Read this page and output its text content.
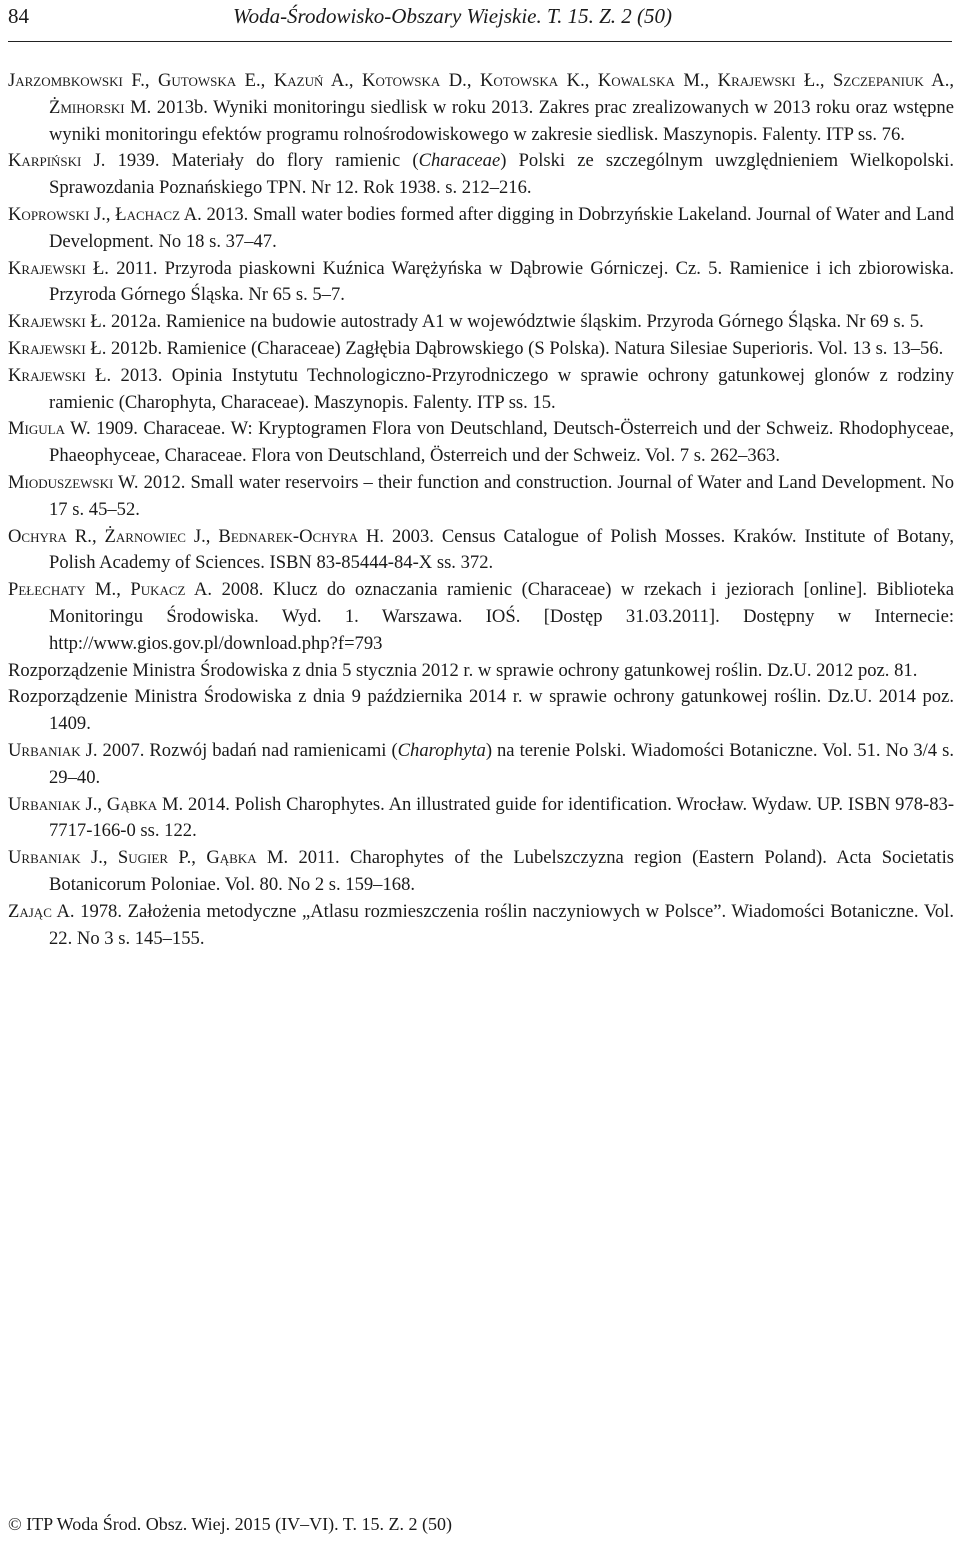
84	Woda-Środowisko-Obszary Wiejskie. T. 15. Z. 2 (50)

Jarzombkowski F., Gutowska E., Kazuń A., Kotowska D., Kotowska K., Kowalska M., Krajewski Ł., Szczepaniuk A., Żmihorski M. 2013b. Wyniki monitoringu siedlisk w roku 2013. Zakres prac zrealizowanych w 2013 roku oraz wstępne wyniki monitoringu efektów programu rolnośrodowiskowego w zakresie siedlisk. Maszynopis. Falenty. ITP ss. 76.

Karpiński J. 1939. Materiały do flory ramienic (Characeae) Polski ze szczególnym uwzględnieniem Wielkopolski. Sprawozdania Poznańskiego TPN. Nr 12. Rok 1938. s. 212–216.

Koprowski J., Łachacz A. 2013. Small water bodies formed after digging in Dobrzyńskie Lakeland. Journal of Water and Land Development. No 18 s. 37–47.

Krajewski Ł. 2011. Przyroda piaskowni Kuźnica Warężyńska w Dąbrowie Górniczej. Cz. 5. Ramienice i ich zbiorowiska. Przyroda Górnego Śląska. Nr 65 s. 5–7.

Krajewski Ł. 2012a. Ramienice na budowie autostrady A1 w województwie śląskim. Przyroda Górnego Śląska. Nr 69 s. 5.

Krajewski Ł. 2012b. Ramienice (Characeae) Zagłębia Dąbrowskiego (S Polska). Natura Silesiae Superioris. Vol. 13 s. 13–56.

Krajewski Ł. 2013. Opinia Instytutu Technologiczno-Przyrodniczego w sprawie ochrony gatunkowej glonów z rodziny ramienic (Charophyta, Characeae). Maszynopis. Falenty. ITP ss. 15.

Migula W. 1909. Characeae. W: Kryptogramen Flora von Deutschland, Deutsch-Österreich und der Schweiz. Rhodophyceae, Phaeophyceae, Characeae. Flora von Deutschland, Österreich und der Schweiz. Vol. 7 s. 262–363.

Mioduszewski W. 2012. Small water reservoirs – their function and construction. Journal of Water and Land Development. No 17 s. 45–52.

Ochyra R., Żarnowiec J., Bednarek-Ochyra H. 2003. Census Catalogue of Polish Mosses. Kraków. Institute of Botany, Polish Academy of Sciences. ISBN 83-85444-84-X ss. 372.

Pełechaty M., Pukacz A. 2008. Klucz do oznaczania ramienic (Characeae) w rzekach i jeziorach [online]. Biblioteka Monitoringu Środowiska. Wyd. 1. Warszawa. IOŚ. [Dostęp 31.03.2011]. Dostępny w Internecie: http://www.gios.gov.pl/download.php?f=793

Rozporządzenie Ministra Środowiska z dnia 5 stycznia 2012 r. w sprawie ochrony gatunkowej roślin. Dz.U. 2012 poz. 81.

Rozporządzenie Ministra Środowiska z dnia 9 października 2014 r. w sprawie ochrony gatunkowej roślin. Dz.U. 2014 poz. 1409.

Urbaniak J. 2007. Rozwój badań nad ramienicami (Charophyta) na terenie Polski. Wiadomości Botaniczne. Vol. 51. No 3/4 s. 29–40.

Urbaniak J., Gąbka M. 2014. Polish Charophytes. An illustrated guide for identification. Wrocław. Wydaw. UP. ISBN 978-83-7717-166-0 ss. 122.

Urbaniak J., Sugier P., Gąbka M. 2011. Charophytes of the Lubelszczyzna region (Eastern Poland). Acta Societatis Botanicorum Poloniae. Vol. 80. No 2 s. 159–168.

Zając A. 1978. Założenia metodyczne „Atlasu rozmieszczenia roślin naczyniowych w Polsce”. Wiadomości Botaniczne. Vol. 22. No 3 s. 145–155.

© ITP Woda Środ. Obsz. Wiej. 2015 (IV–VI). T. 15. Z. 2 (50)
